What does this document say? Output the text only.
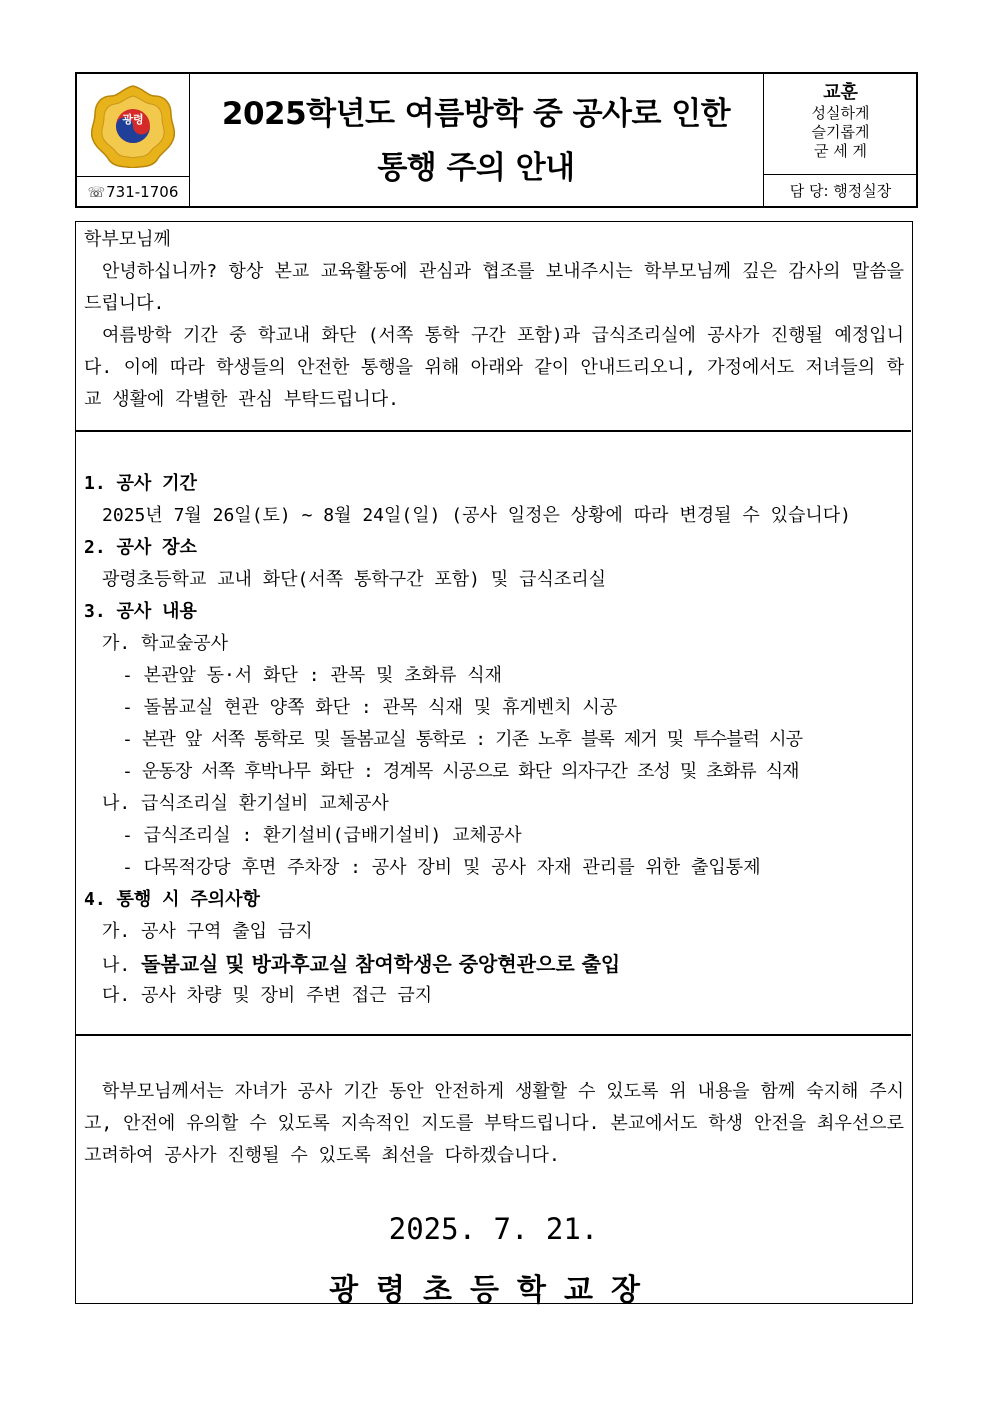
광령
☏731-1706
2025학년도 여름방학 중 공사로 인한
통행 주의 안내
교훈
성실하게
슬기롭게
굳 세 게
담 당: 행정실장
학부모님께
안녕하십니까? 항상 본교 교육활동에 관심과 협조를 보내주시는 학부모님께 깊은 감사의 말씀을 드립니다.
여름방학 기간 중 학교내 화단 (서쪽 통학 구간 포함)과 급식조리실에 공사가 진행될 예정입니다. 이에 따라 학생들의 안전한 통행을 위해 아래와 같이 안내드리오니, 가정에서도 저녀들의 학교 생활에 각별한 관심 부탁드립니다.
1. 공사 기간
2025년 7월 26일(토) ~ 8월 24일(일) (공사 일정은 상황에 따라 변경될 수 있습니다)
2. 공사 장소
광령초등학교 교내 화단(서쪽 통학구간 포함) 및 급식조리실
3. 공사 내용
가. 학교숲공사
- 본관앞 동·서 화단 : 관목 및 초화류 식재
- 돌봄교실 현관 양쪽 화단 : 관목 식재 및 휴게벤치 시공
- 본관 앞 서쪽 통학로 및 돌봄교실 통학로 : 기존 노후 블록 제거 및 투수블럭 시공
- 운동장 서쪽 후박나무 화단 : 경계목 시공으로 화단 의자구간 조성 및 초화류 식재
나. 급식조리실 환기설비 교체공사
- 급식조리실 : 환기설비(급배기설비) 교체공사
- 다목적강당 후면 주차장 : 공사 장비 및 공사 자재 관리를 위한 출입통제
4. 통행 시 주의사항
가. 공사 구역 출입 금지
나. 돌봄교실 및 방과후교실 참여학생은 중앙현관으로 출입
다. 공사 차량 및 장비 주변 접근 금지
학부모님께서는 자녀가 공사 기간 동안 안전하게 생활할 수 있도록 위 내용을 함께 숙지해 주시고, 안전에 유의할 수 있도록 지속적인 지도를 부탁드립니다. 본교에서도 학생 안전을 최우선으로 고려하여 공사가 진행될 수 있도록 최선을 다하겠습니다.
2025. 7. 21.
광령초등학교장
